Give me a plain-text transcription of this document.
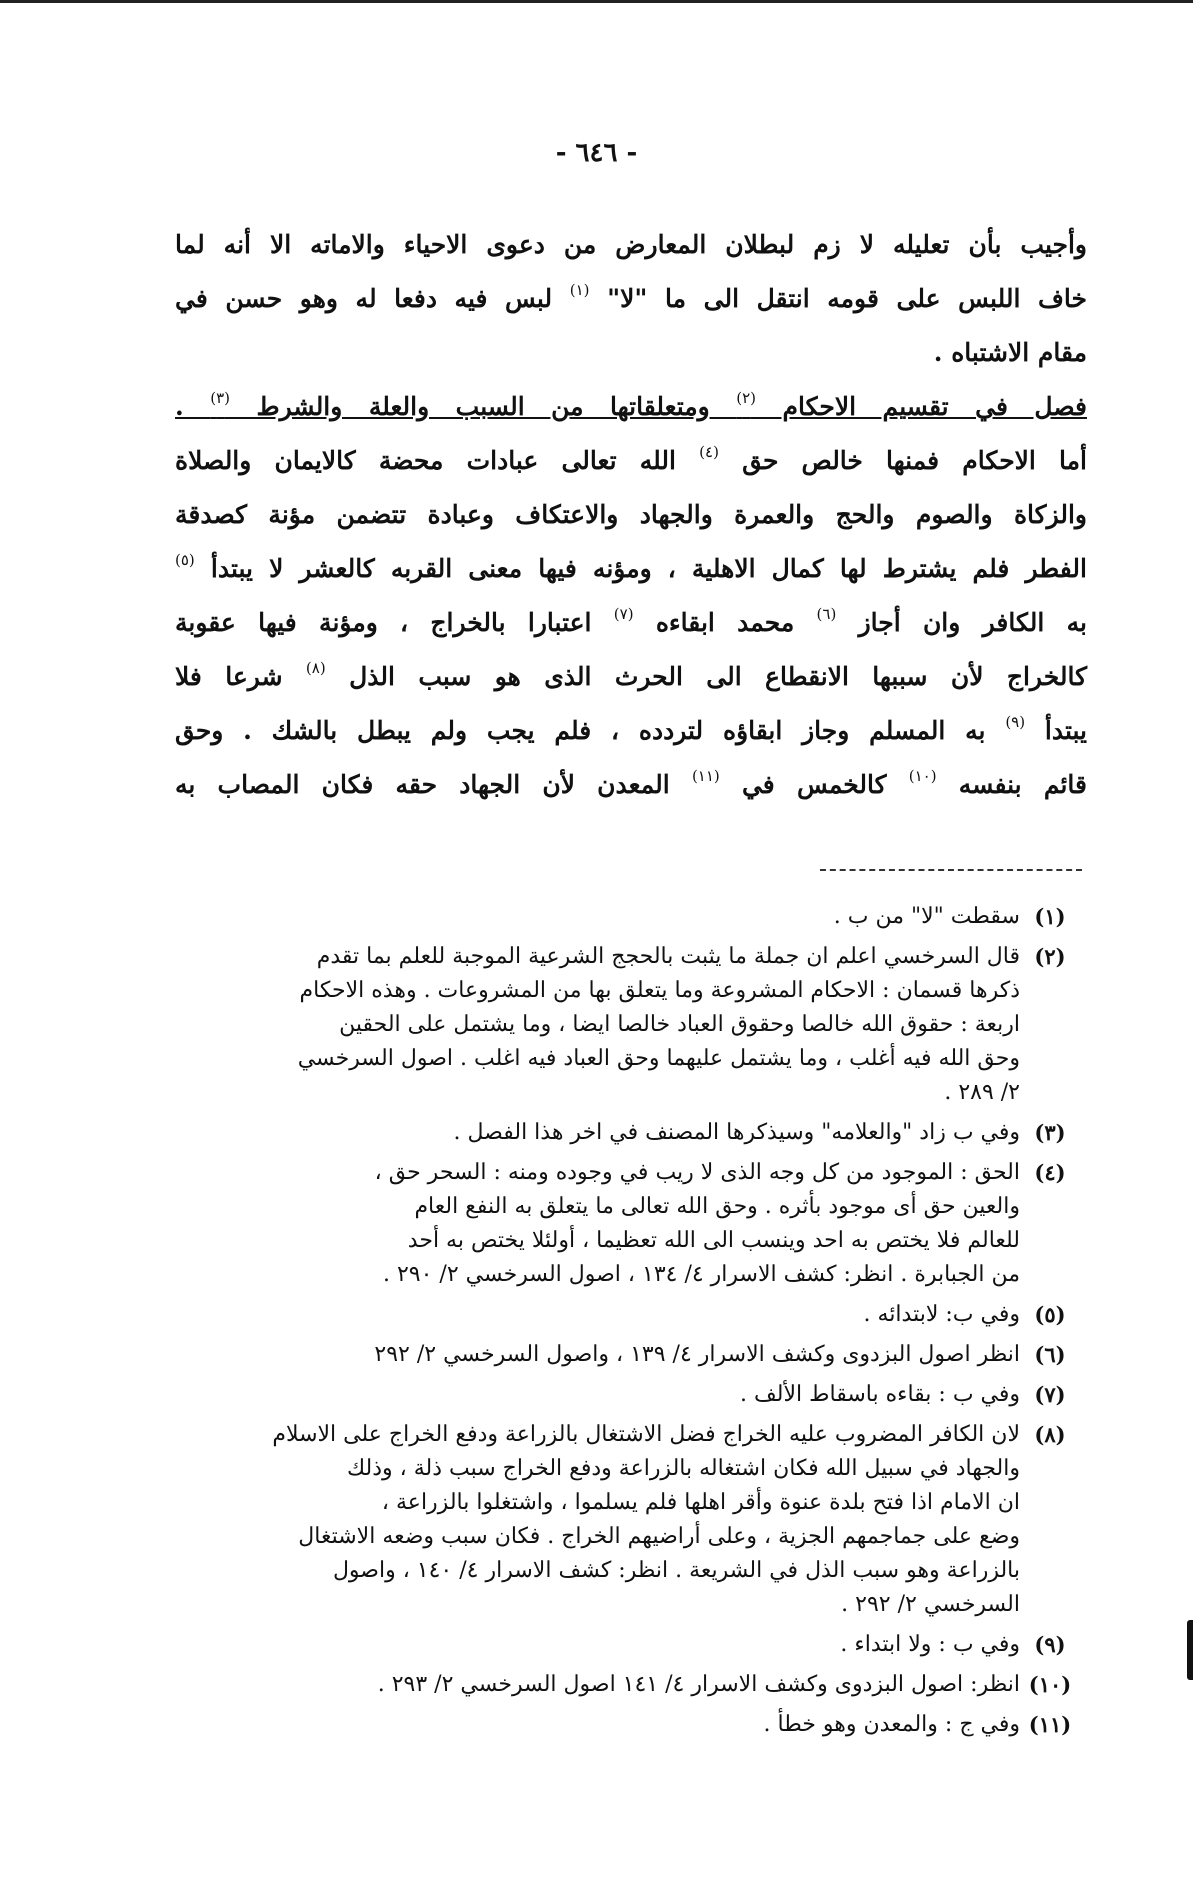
- ٦٤٦ -
وأجيب بأن تعليله لا زم لبطلان المعارض من دعوى الاحياء والاماته الا أنه لما
خاف اللبس على قومه انتقل الى ما "لا" $^{(١)}$ لبس فيه دفعا له وهو حسن في
مقام الاشتباه .
فصل في تقسيم الاحكام $^{(٢)}$ ومتعلقاتها من السبب والعلة والشرط $^{(٣)}$ .
أما الاحكام فمنها خالص حق $^{(٤)}$ الله تعالى عبادات محضة كالايمان والصلاة
والزكاة والصوم والحج والعمرة والجهاد والاعتكاف وعبادة تتضمن مؤنة كصدقة
الفطر فلم يشترط لها كمال الاهلية ، ومؤنه فيها معنى القربه كالعشر لا يبتدأ $^{(٥)}$
به الكافر وان أجاز $^{(٦)}$ محمد ابقاءه $^{(٧)}$ اعتبارا بالخراج ، ومؤنة فيها عقوبة
كالخراج لأن سببها الانقطاع الى الحرث الذى هو سبب الذل $^{(٨)}$ شرعا فلا
يبتدأ $^{(٩)}$ به المسلم وجاز ابقاؤه لتردده ، فلم يجب ولم يبطل بالشك . وحق
قائم بنفسه $^{(١٠)}$ كالخمس في $^{(١١)}$ المعدن لأن الجهاد حقه فكان المصاب به
(١)
سقطت "لا" من ب .
(٢)
قال السرخسي اعلم ان جملة ما يثبت بالحجج الشرعية الموجبة للعلم بما تقدم
ذكرها قسمان : الاحكام المشروعة وما يتعلق بها من المشروعات . وهذه الاحكام
اربعة : حقوق الله خالصا وحقوق العباد خالصا ايضا ، وما يشتمل على الحقين
وحق الله فيه أغلب ، وما يشتمل عليهما وحق العباد فيه اغلب . اصول السرخسي
٢/ ٢٨٩ .
(٣)
وفي ب زاد "والعلامه" وسيذكرها المصنف في اخر هذا الفصل .
(٤)
الحق : الموجود من كل وجه الذى لا ريب في وجوده ومنه : السحر حق ،
والعين حق أى موجود بأثره . وحق الله تعالى ما يتعلق به النفع العام
للعالم فلا يختص به احد وينسب الى الله تعظيما ، أولئلا يختص به أحد
من الجبابرة . انظر: كشف الاسرار ٤/ ١٣٤ ، اصول السرخسي ٢/ ٢٩٠ .
(٥)
وفي ب: لابتدائه .
(٦)
انظر اصول البزدوى وكشف الاسرار ٤/ ١٣٩ ، واصول السرخسي ٢/ ٢٩٢
(٧)
وفي ب : بقاءه باسقاط الألف .
(٨)
لان الكافر المضروب عليه الخراج فضل الاشتغال بالزراعة ودفع الخراج على الاسلام
والجهاد في سبيل الله فكان اشتغاله بالزراعة ودفع الخراج سبب ذلة ، وذلك
ان الامام اذا فتح بلدة عنوة وأقر اهلها فلم يسلموا ، واشتغلوا بالزراعة ،
وضع على جماجمهم الجزية ، وعلى أراضيهم الخراج . فكان سبب وضعه الاشتغال
بالزراعة وهو سبب الذل في الشريعة . انظر: كشف الاسرار ٤/ ١٤٠ ، واصول
السرخسي ٢/ ٢٩٢ .
(٩)
وفي ب : ولا ابتداء .
(١٠)
انظر: اصول البزدوى وكشف الاسرار ٤/ ١٤١ اصول السرخسي ٢/ ٢٩٣ .
(١١)
وفي ج : والمعدن وهو خطأ .
